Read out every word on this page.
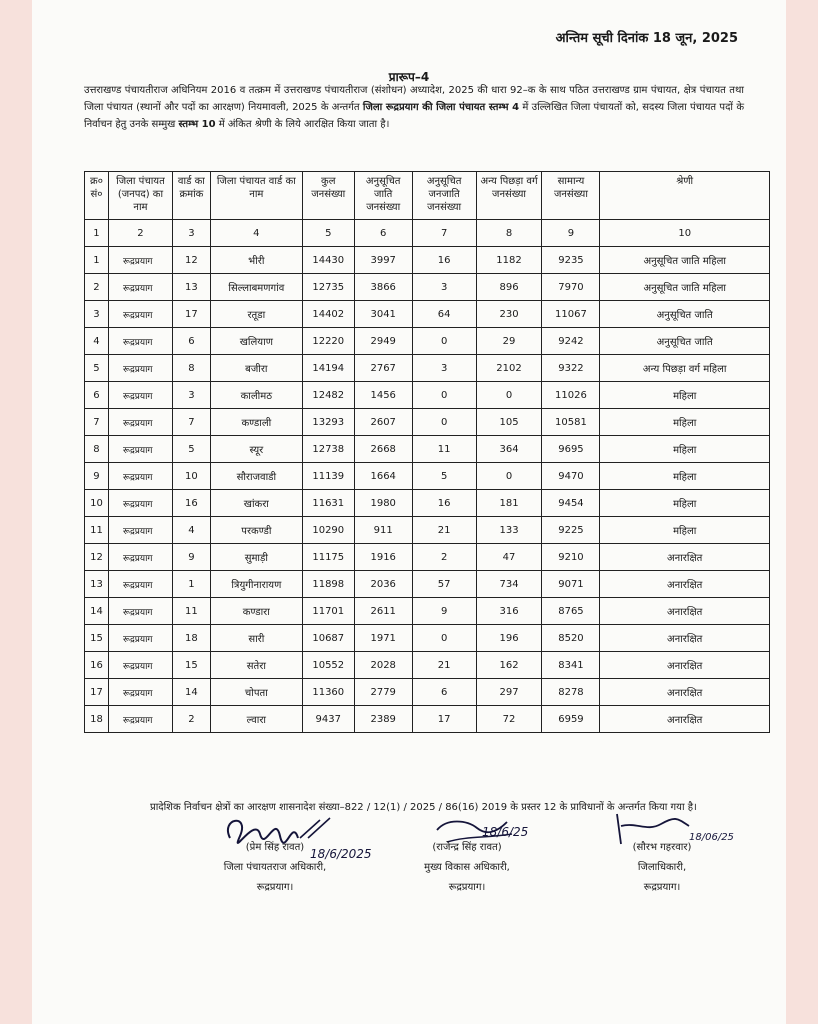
अन्तिम सूची दिनांक 18 जून, 2025
प्रारूप–4
उत्तराखण्ड पंचायतीराज अधिनियम 2016 व तत्क्रम में उत्तराखण्ड पंचायतीराज (संशोधन) अध्यादेश, 2025 की धारा 92–क के साथ पठित उत्तराखण्ड ग्राम पंचायत, क्षेत्र पंचायत तथा जिला पंचायत (स्थानों और पदों का आरक्षण) नियमावली, 2025 के अन्तर्गत जिला रूद्रप्रयाग की जिला पंचायत स्तम्भ 4 में उल्लिखित जिला पंचायतों को, सदस्य जिला पंचायत पदों के निर्वाचन हेतु उनके सम्मुख स्तम्भ 10 में अंकित श्रेणी के लिये आरक्षित किया जाता है।
क्र० सं०	जिला पंचायत (जनपद) का नाम	वार्ड का क्रमांक	जिला पंचायत वार्ड का नाम	कुल जनसंख्या	अनुसूचित जाति जनसंख्या	अनुसूचित जनजाति जनसंख्या	अन्य पिछड़ा वर्ग जनसंख्या	सामान्य जनसंख्या	श्रेणी
1	2	3	4	5	6	7	8	9	10
1	रूद्रप्रयाग	12	भीरी	14430	3997	16	1182	9235	अनुसूचित जाति महिला
2	रूद्रप्रयाग	13	सिल्लाबमणगांव	12735	3866	3	896	7970	अनुसूचित जाति महिला
3	रूद्रप्रयाग	17	रतूडा	14402	3041	64	230	11067	अनुसूचित जाति
4	रूद्रप्रयाग	6	खलियाण	12220	2949	0	29	9242	अनुसूचित जाति
5	रूद्रप्रयाग	8	बजीरा	14194	2767	3	2102	9322	अन्य पिछड़ा वर्ग महिला
6	रूद्रप्रयाग	3	कालीमठ	12482	1456	0	0	11026	महिला
7	रूद्रप्रयाग	7	कण्डाली	13293	2607	0	105	10581	महिला
8	रूद्रप्रयाग	5	स्यूर	12738	2668	11	364	9695	महिला
9	रूद्रप्रयाग	10	सौराजवाडी	11139	1664	5	0	9470	महिला
10	रूद्रप्रयाग	16	खांकरा	11631	1980	16	181	9454	महिला
11	रूद्रप्रयाग	4	परकण्डी	10290	911	21	133	9225	महिला
12	रूद्रप्रयाग	9	सुमाड़ी	11175	1916	2	47	9210	अनारक्षित
13	रूद्रप्रयाग	1	त्रियुगीनारायण	11898	2036	57	734	9071	अनारक्षित
14	रूद्रप्रयाग	11	कण्डारा	11701	2611	9	316	8765	अनारक्षित
15	रूद्रप्रयाग	18	सारी	10687	1971	0	196	8520	अनारक्षित
16	रूद्रप्रयाग	15	सतेरा	10552	2028	21	162	8341	अनारक्षित
17	रूद्रप्रयाग	14	चोपता	11360	2779	6	297	8278	अनारक्षित
18	रूद्रप्रयाग	2	ल्वारा	9437	2389	17	72	6959	अनारक्षित
प्रादेशिक निर्वाचन क्षेत्रों का आरक्षण शासनादेश संख्या–822 / 12(1) / 2025 / 86(16) 2019 के प्रस्तर 12 के प्राविधानों के अन्तर्गत किया गया है।
(प्रेम सिंह रावत) 18/6/2025
जिला पंचायतराज अधिकारी,
रूद्रप्रयाग।
(राजेन्द्र सिंह रावत)
18/6/25
मुख्य विकास अधिकारी,
रूद्रप्रयाग।
(सौरभ गहरवार)
18/06/25
जिलाधिकारी,
रूद्रप्रयाग।
